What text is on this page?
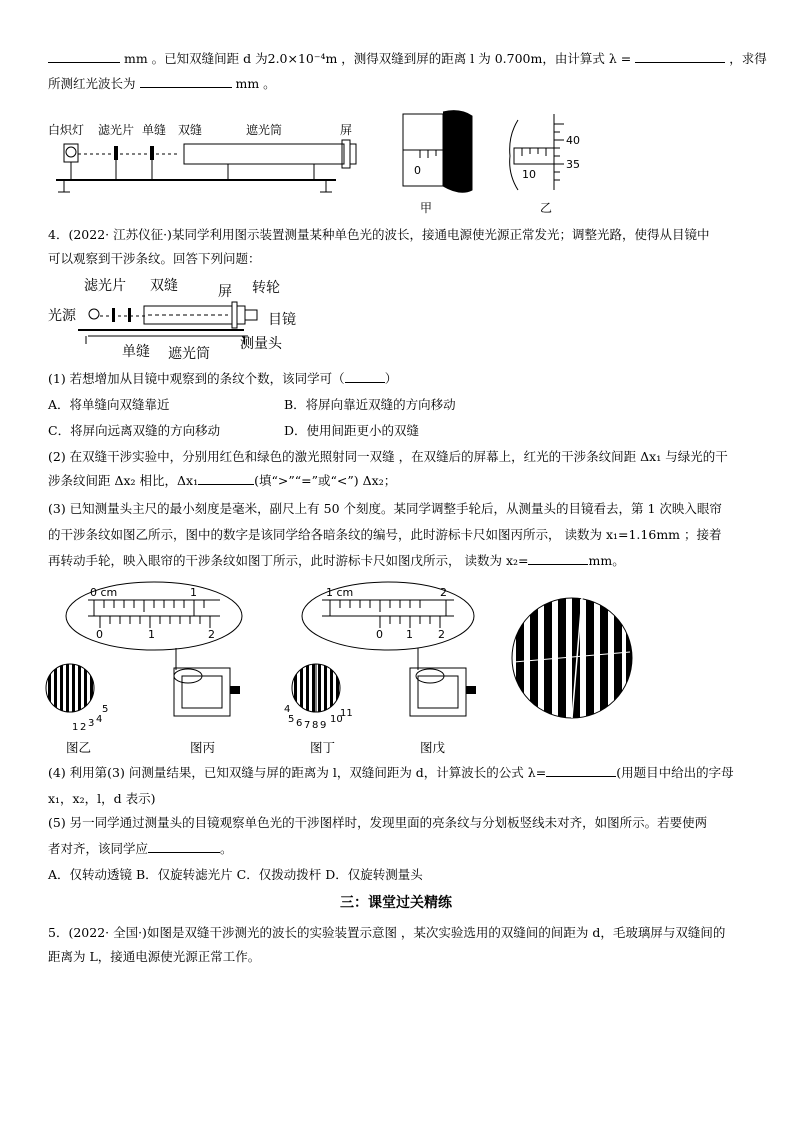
mm 。已知双缝间距 d 为2.0×10⁻⁴m ，测得双缝到屏的距离 l 为 0.700m，由计算式 λ =	，求得
所测红光波长为	mm 。
白炽灯 滤光片 单缝 双缝	遮光筒	屏	35
30
0
甲
40
35
10
乙
4．(2022· 江苏仪征·)某同学利用图示装置测量某种单色光的波长，接通电源使光源正常发光；调整光路，使得从目镜中
可以观察到干涉条纹。回答下列问题：
滤光片 双缝	屏 转轮
光源	目镜
单缝 遮光筒
测量头
(1) 若想增加从目镜中观察到的条纹个数，该同学可（	）
A．将单缝向双缝靠近	B．将屏向靠近双缝的方向移动
C．将屏向远离双缝的方向移动	D．使用间距更小的双缝
(2) 在双缝干涉实验中，分别用红色和绿色的激光照射同一双缝 ，在双缝后的屏幕上，红光的干涉条纹间距 Δx₁ 与绿光的干
涉条纹间距 Δx₂ 相比，Δx₁	(填“>”“=”或“<”) Δx₂；
(3) 已知测量头主尺的最小刻度是毫米，副尺上有 50 个刻度。某同学调整手轮后，从测量头的目镜看去，第 1 次映入眼帘
的干涉条纹如图乙所示，图中的数字是该同学给各暗条纹的编号，此时游标卡尺如图丙所示， 读数为 x₁=1.16mm ；接着
再转动手轮，映入眼帘的干涉条纹如图丁所示，此时游标卡尺如图戊所示， 读数为 x₂=	mm。
1 2 3 4
5
0 cm	1
0	1	2
4
5 6 7 8 9
10
11
1 cm	2
0 1 2
图乙	图丙	图丁	图戊
(4) 利用第(3) 问测量结果，已知双缝与屏的距离为 l，双缝间距为 d，计算波长的公式 λ=	(用题目中给出的字母
x₁，x₂，l，d 表示)
(5) 另一同学通过测量头的目镜观察单色光的干涉图样时，发现里面的亮条纹与分划板竖线未对齐，如图所示。若要使两
者对齐，该同学应	。
A．仅转动透镜 B．仅旋转滤光片 C．仅拨动拨杆 D．仅旋转测量头
三：课堂过关精练
5．(2022· 全国·)如图是双缝干涉测光的波长的实验装置示意图 ，某次实验选用的双缝间的间距为 d，毛玻璃屏与双缝间的
距离为 L，接通电源使光源正常工作。
